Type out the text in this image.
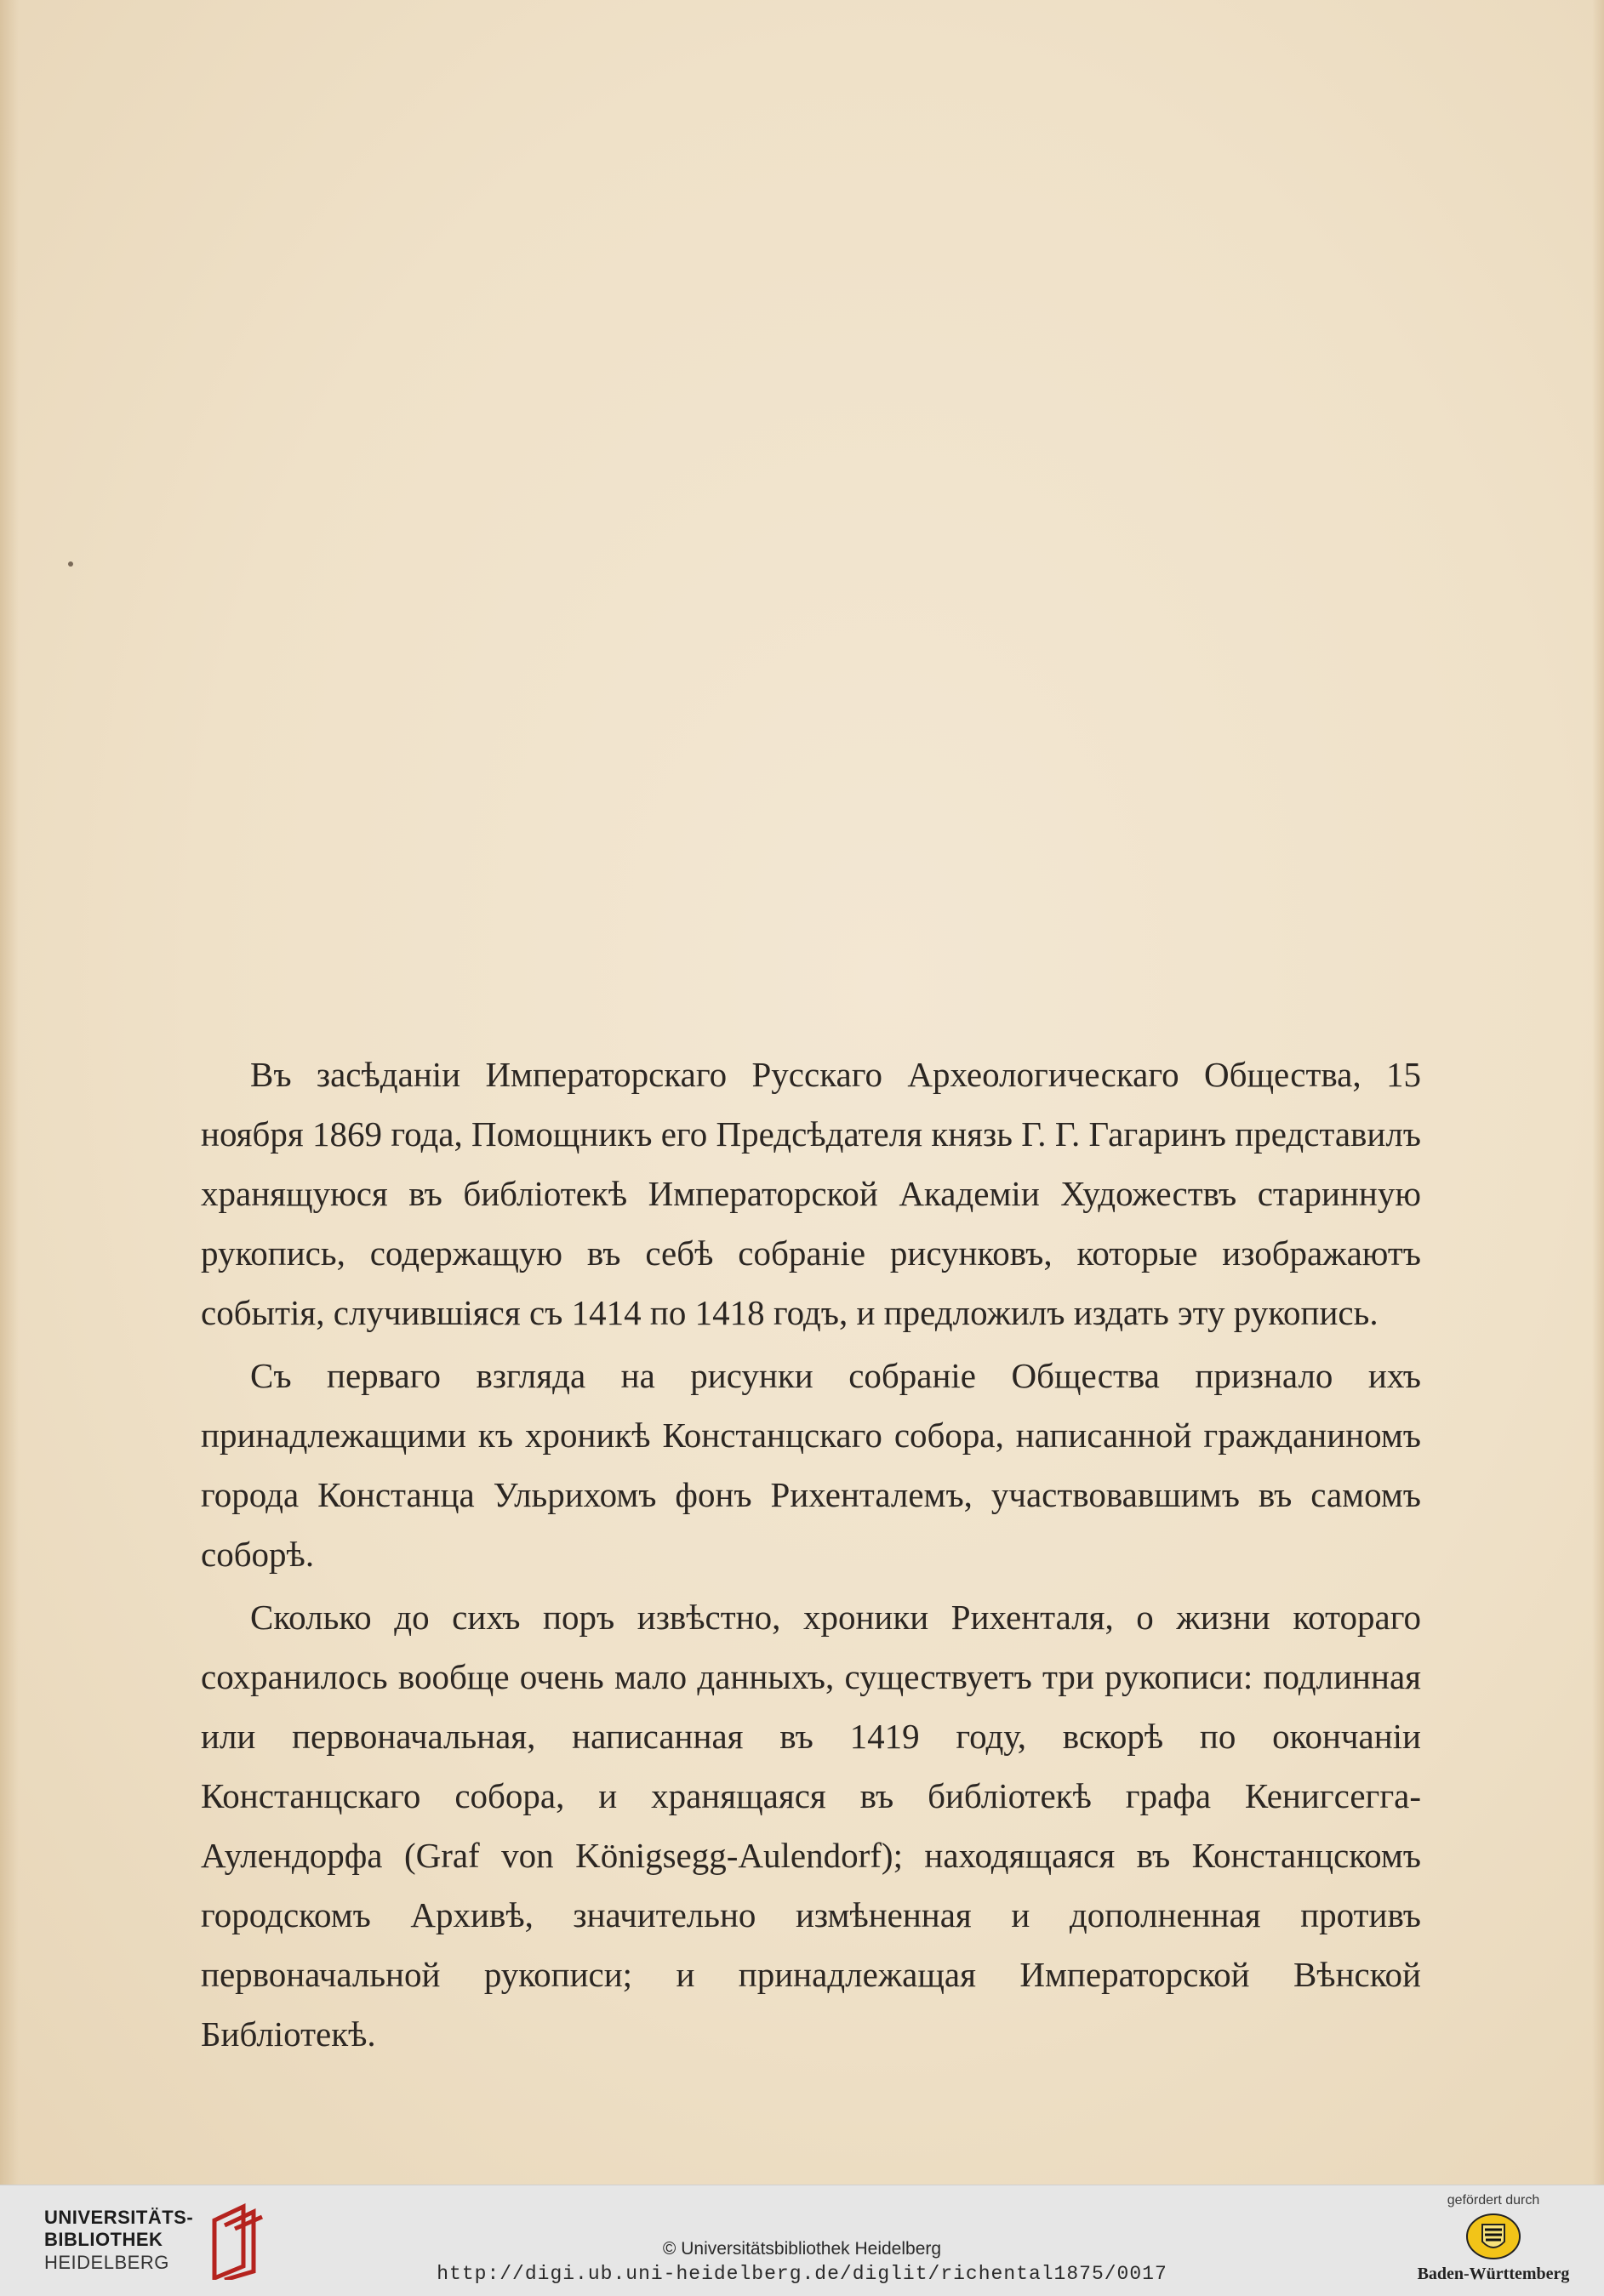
Въ засѣданіи Императорскаго Русскаго Археологическаго Общества, 15 ноября 1869 года, Помощникъ его Предсѣдателя князь Г. Г. Гагаринъ представилъ хранящуюся въ библіотекѣ Императорской Академіи Художествъ старинную рукопись, содержащую въ себѣ собраніе рисунковъ, которые изображаютъ событія, случившіяся съ 1414 по 1418 годъ, и предложилъ издать эту рукопись.

Съ перваго взгляда на рисунки собраніе Общества признало ихъ принадлежащими къ хроникѣ Констанцскаго собора, написанной гражданиномъ города Констанца Ульрихомъ фонъ Рихенталемъ, участвовавшимъ въ самомъ соборѣ.

Сколько до сихъ поръ извѣстно, хроники Рихенталя, о жизни котораго сохранилось вообще очень мало данныхъ, существуетъ три рукописи: подлинная или первоначальная, написанная въ 1419 году, вскорѣ по окончаніи Констанцскаго собора, и хранящаяся въ библіотекѣ графа Кенигсегга-Аулендорфа (Graf von Königsegg-Aulendorf); находящаяся въ Констанцскомъ городскомъ Архивѣ, значительно измѣненная и дополненная противъ первоначальной рукописи; и принадлежащая Императорской Вѣнской Библіотекѣ.

UNIVERSITÄTS-
BIBLIOTHEK
HEIDELBERG
© Universitätsbibliothek Heidelberg
http://digi.ub.uni-heidelberg.de/diglit/richental1875/0017
gefördert durch
Baden-Württemberg
